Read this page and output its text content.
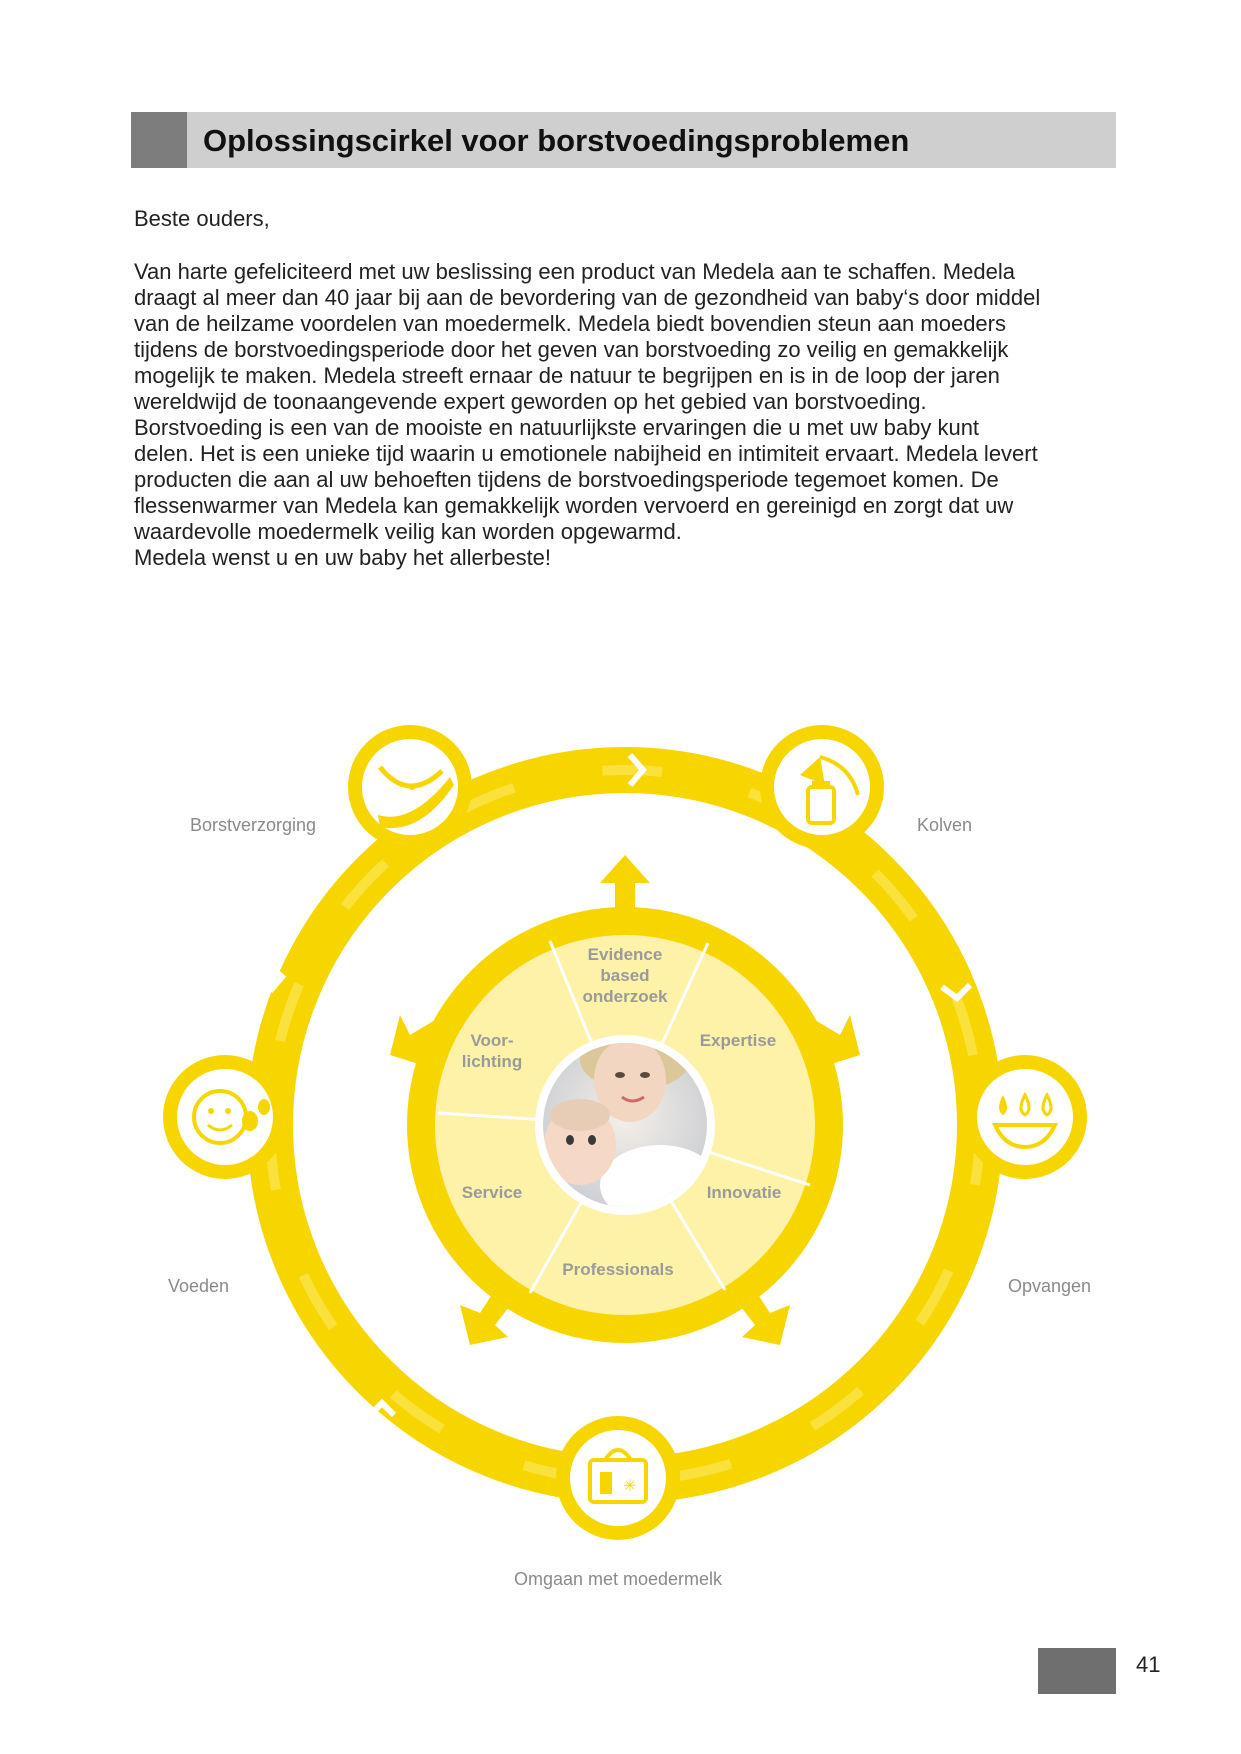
Oplossingscirkel voor borstvoedingsproblemen
Beste ouders,

Van harte gefeliciteerd met uw beslissing een product van Medela aan te schaffen. Medela

draagt al meer dan 40 jaar bij aan de bevordering van de gezondheid van baby‘s door middel

van de heilzame voordelen van moedermelk. Medela biedt bovendien steun aan moeders

tijdens de borstvoedingsperiode door het geven van borstvoeding zo veilig en gemakkelijk

mogelijk te maken. Medela streeft ernaar de natuur te begrijpen en is in de loop der jaren

wereldwijd de toonaangevende expert geworden op het gebied van borstvoeding.

Borstvoeding is een van de mooiste en natuurlijkste ervaringen die u met uw baby kunt

delen. Het is een unieke tijd waarin u emotionele nabijheid en intimiteit ervaart. Medela levert

producten die aan al uw behoeften tijdens de borstvoedingsperiode tegemoet komen. De

flessenwarmer van Medela kan gemakkelijk worden vervoerd en gereinigd en zorgt dat uw

waardevolle moedermelk veilig kan worden opgewarmd.

Medela wenst u en uw baby het allerbeste!

Evidence
based
onderzoek
Expertise
Voor-
lichting
Service	Innovatie
Professionals
✳
Borstverzorging	Kolven
Voeden	Opvangen
Omgaan met moedermelk
41
